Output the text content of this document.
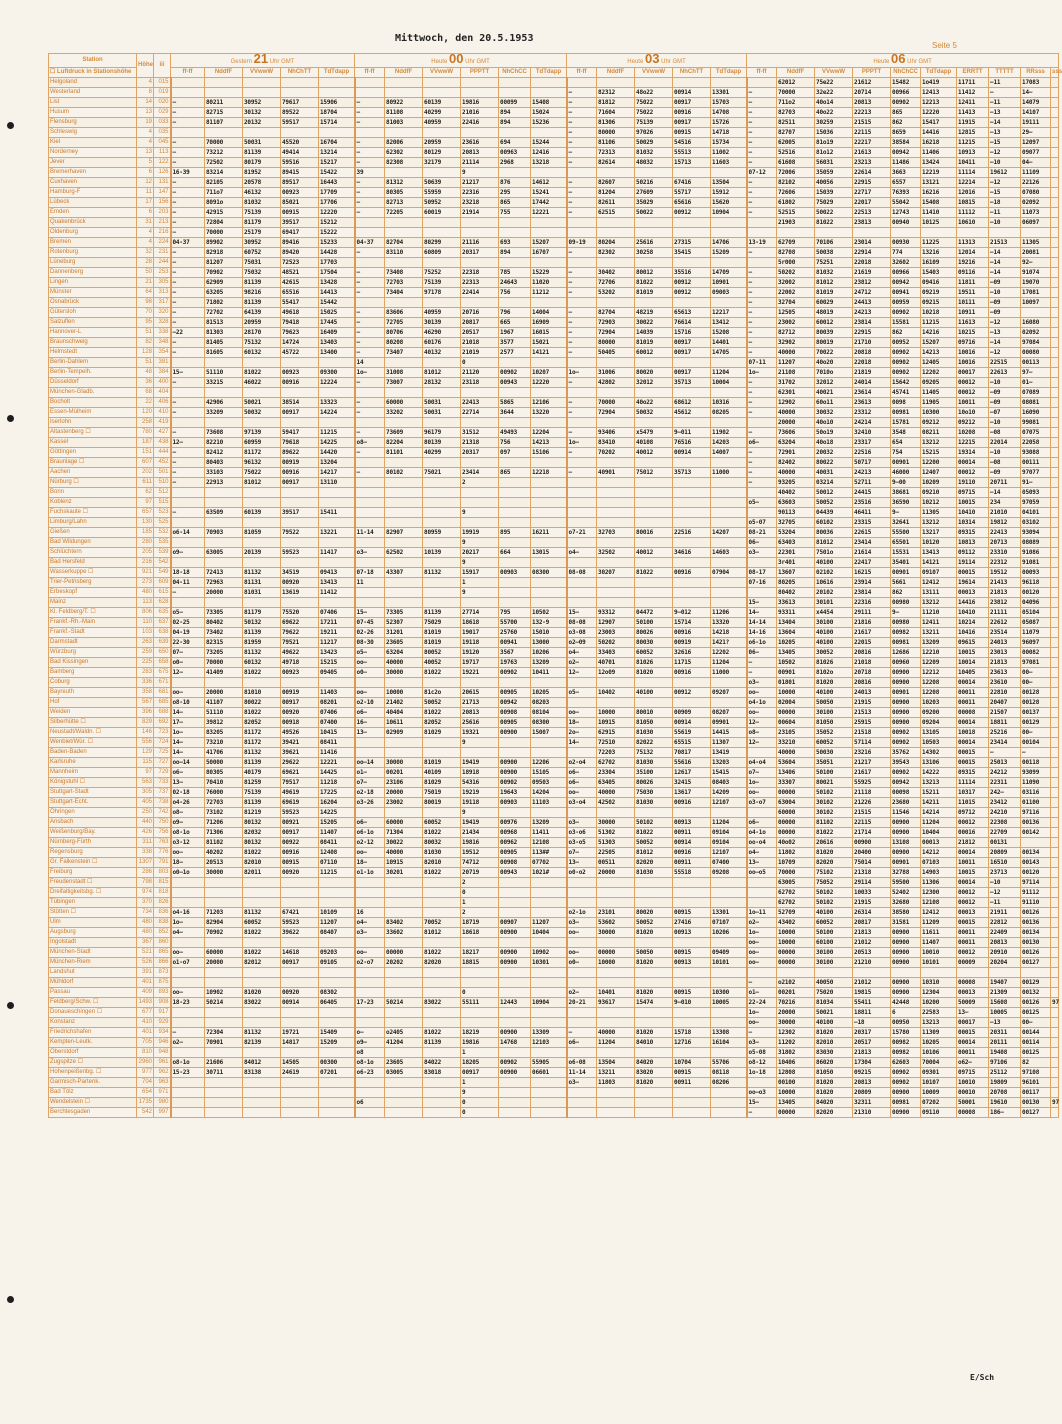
Mittwoch, den 20.5.1953
Seite 5
Station	Höhe	iii	Gestern 21 Uhr GMT					Heute 00 Uhr GMT						Heute 03 Uhr GMT					Heute 06 Uhr GMT									
☐ Luftdruck in Stationshöhe			ff-ff	NddfF	VVwwW	NhChTT	TdTdapp	ff-ff	NddfF	VVwwW	PPPTT	NhChCC	TdTdapp	ff-ff	NddfF	VVwwW	NhChTT	TdTdapp	ff-ff	NddfF	VVwwW	PPPTT	NhChCC	TdTdapp	ERRTT	TTTTT	RRsss	sss

Helgoland	4	015																		62012	75e22	21612	15482	1o419	11711	—11	17083	
Westerland	8	019												—	82312	48o22	00914	13301	—	70000	32e22	20714	00966	12413	11412	—	14—	
List	14	020	—	80211	30952	79617	15906	—	80922	60139	19816	00099	15408	—	81812	75022	00917	15703	—	711o2	40o14	20813	00902	12213	12411	—11	14079	
Husum	13	029	—	82715	30132	89522	18704	—	81108	40299	21016	894	15024	—	71604	75022	00916	14708	—	82703	40o22	22213	865	12220	11413	—13	14107	
Flensburg	19	033	—	81107	20132	59517	15714	—	81003	40959	22416	894	15236	—	81306	75139	00917	15726	—	82511	30259	21515	862	15417	11915	—14	19111	
Schleswig	4	035												—	80000	97026	00915	14718	—	82707	15036	22115	8659	14416	12815	—13	29—	
Kiel	4	045	—	70000	50031	45520	16704	—	82006	20959	23616	694	15244	—	81106	50029	54516	15734	—	62005	81o19	22217	38584	16218	11215	—15	12097	
Norderney	13	113	—	73212	81139	49414	13214	—	62302	80129	20813	00963	12416	—	72313	81032	55513	11002	—	52516	81o12	21613	00942	11406	10913	—12	09077	
Jever	5	122	—	72502	80179	59516	15217	—	82308	32179	21114	2968	13218	—	82614	48032	15713	11603	—	61608	56031	23213	11486	13424	10411	—10	04—	
Bremerhaven	6	126	16-39	83214	81952	89415	15422	39			9								07-12	72006	35059	22614	3663	12219	11114	19612	11109	
Cuxhaven	12	131	—	82105	20578	89517	16443	—	81312	50639	21217	876	14612	—	82607	50216	67416	13504	—	82102	40056	22915	6557	13121	12214	—12	22126	
Hamburg-F	11	147	—	711o7	46132	00923	17709	—	80305	55959	22316	295	15241	—	81204	27609	55717	15912	—	72606	15039	22717	76393	16216	12016	—15	07080	
Lübeck	17	156	—	8091o	81032	85021	17706	—	82713	50952	23218	865	17442	—	82611	35029	65616	15620	—	61802	75029	22017	55042	15408	10815	—18	02092	
Emden	6	203	—	42915	75139	00915	12220	—	72205	60019	21914	755	12221	—	62515	50022	00912	10904	—	52515	50022	22513	12743	11410	11112	—11	11073	
Quakenbrück	31	213	—	72804	81179	39517	15212													21903	81022	23813	00940	10125	10610	—10	06097	
Oldenburg	4	216	—	70000	25179	69417	15222																					
Bremen	4	224	04-37	89902	30952	89416	15233	04-37	82704	80299	21116	693	15207	09-19	80204	25616	27315	14706	13-19	62709	70106	23014	00930	11225	11313	21513	11305	
Rotenburg	32	231	—	82918	60752	89420	14428	—	83110	60809	20317	894	16707	—	82302	30258	35415	15209	—	82708	50038	22914	774	13216	12014	—14	20081	
Lüneburg	28	244	—	81207	75031	72523	17703													5r000	75251	22018	32602	16109	19216	—14	92—	
Dannenberg	50	253	—	70902	75032	48521	17504	—	73408	75252	22318	785	15229	—	30402	80012	35516	14709	—	50202	81032	21619	00966	15403	09116	—14	91074	
Lingen	21	305	—	62909	81139	42615	13428	—	72703	75139	22313	24643	11020	—	72706	81022	00912	10901	—	32002	81012	23812	00942	09416	11811	—09	19070	
Münster	64	313	—	63205	98216	65516	14413	—	73404	97178	22414	756	11212	—	53202	81019	00912	09003	—	22002	81019	24712	00941	09219	19511	—10	17081	
Osnabrück	98	317	—	71802	81139	55417	15442												—	32704	60029	24413	00959	09215	10111	—09	10097	
Gütersloh	70	320	—	72702	64139	49618	15025	—	83606	40959	20716	796	14004	—	82704	48219	65613	12217	—	12505	48019	24213	00902	10218	10911	—09		
Salzuflen	95	328	—	81513	20959	79418	17445	—	72705	30139	20817	665	16909	—	72903	30022	76614	13412	—	23002	60012	23814	15581	11215	11613	—12	16080	
Hannover-L	51	338	—22	81303	28170	79623	16409	—	80706	46290	20517	1967	16015	—	72904	14039	15716	15208	—	82712	80039	22915	862	14216	10215	—13	02092	
Braunschweig	82	348	—	81405	75132	14724	13403	—	80208	60176	21018	3577	15021	—	80000	81019	00917	14401	—	32902	80019	21710	00952	15207	09716	—14	97084	
Helmstedt	128	354	—	81605	60132	45722	13400	—	73407	40132	21019	2577	14121	—	50405	60012	00917	14705	—	40000	70022	20818	00902	14213	10016	—12	00080	
Berlin-Dahlem	51	381						14			0								07-11	11207	40o20	22018	00902	12405	10016	22515	00113	
Berlin-Tempelh.	48	384	15—	51110	81022	00923	09300	1o—	31008	81012	21120	00902	10207	1o—	31006	80020	00917	11204	1o—	21108	7010o	21819	00902	12202	00017	22613	97—	
Düsseldorf	36	400	—	33215	46022	00916	12224	—	73007	28132	23118	00943	12220	—	42802	32012	35713	10004	—	31702	32012	24014	15642	09205	00012	—10	01—	
München-Gladb.	68	404																	—	62301	40021	23614	45741	11405	00012	—09	07089	
Bocholt	22	406	—	42906	50021	38514	13323	—	60000	50031	22413	5865	12106	—	70000	40o22	68612	10316	—	12902	60o11	23613	0098	11905	10011	—09	08081	
Essen-Mülheim	120	410	—	33209	50032	00917	14224	—	33202	50031	22714	3644	13220	—	72904	50032	45612	08205	—	40000	30032	23312	00981	10300	10o10	—07	16090	
Iserlohn	258	419																		20000	40o10	24214	15781	09212	09212	—10	99081	
Altastenberg ☐	780	427	—	73608	97139	59417	11215	—	73609	96179	31512	49493	12204	—	93406	x5479	9—011	11902	—	73606	50o19	32410	3548	08211	10208	—08	07075	
Kassel	187	438	12—	82210	60959	79618	14225	o8—	82204	80139	21318	756	14213	1o—	83410	40108	76516	14203	o6—	63204	40o18	23317	654	13212	12215	22014	22058	
Göttingen	151	444	—	82412	81172	89622	14420	—	81101	40299	20317	097	15106	—	70202	40012	00914	14007	—	72901	20032	22516	754	15215	19314	—10	93088	
Braunlage ☐	607	452	—	80403	96132	00919	13204												—	82402	80022	50717	00901	12200	00014	—08	00111	
Aachen	202	501	—	33103	75022	00916	14217	—	80102	75021	23414	865	12218	—	40901	75012	35713	11000	—	40000	40031	24213	46000	12407	00012	—09	97077	
Nürburg ☐	611	510	—	22913	81012	00917	13110				2								—	93205	03214	52711	9—00	10209	19110	20711	91—	
Bonn	62	512																		40402	50012	24415	38681	09210	09715	—14	05093	
Koblenz	97	515																	o5—	63603	50052	23516	36590	10212	10015	234	97059	
Fuchskaute ☐	657	523	—	63509	60139	39517	15411				9									90113	04439	46411	9—	11305	10410	21010	04101	
Limburg/Lahn	130	525																	o5-07	32705	60102	23315	32641	13212	10314	19812	03102	
Gießen	185	532	o6-14	70903	81059	79522	13221	11-14	82907	80959	19919	895	16211	o7-21	32703	80016	22516	14207	08-21	53204	80036	22615	55500	13217	09315	22413	93094	
Bad Wildungen	280	535									9								06—	63403	81012	23414	65501	10120	10813	20713	08089	
Schlüchtern	205	539	o9—	63005	20139	59523	11417	o3—	62502	10139	20217	664	13015	o4—	32502	40012	34616	14603	o3—	22301	7501o	21614	15531	13413	09112	23310	91086	
Bad Hersfeld	216	542									9									3r401	40100	22417	35401	14121	19114	22312	91081	
Wasserkuppe ☐	921	549	18-18	72413	81132	34519	09413	07-18	43307	81132	15917	00903	08300	08-08	30207	81022	00916	07904	08-17	13607	02102	16215	00901	09107	00015	19512	00093	
Trier-Petrisberg	273	609	04-11	72963	81131	00920	13413	11			1								07-16	80205	10616	23914	5661	12412	19614	21413	96118	
Erbeskopf	480	615	—	20000	81031	13619	11412				9									80402	20102	23814	862	13111	00013	21813	00120	
Mainz	113	628																	15—	33613	30101	22316	00980	13212	14416	23812	04096	
Kl. Feldberg/T. ☐	806	635	o5—	73305	81179	75520	07406	15—	73305	81139	27714	795	10502	15—	93312	04472	9—012	11206	14—	93311	x4454	29111	9—	11210	10410	21111	05104	
Frankf.-Rh.-Main	110	637	02-25	80402	50132	69622	17211	07-45	52307	75029	18618	55700	132-9	08-08	12907	50100	15714	13320	14-14	13404	30100	21816	00980	12411	10214	22612	05087	
Frankf.-Stadt	103	638	04-19	73402	81139	79622	19211	02-26	31201	81019	19017	25760	15010	o3-08	23003	80026	00916	14218	14-16	13604	40100	21617	00982	13211	10416	23514	11079	
Darmstadt	263	639	22-30	82315	81959	79521	11217	08-30	23605	81019	19118	00941	13000	o2—09	50202	80030	00919	1421?	o6-1o	10205	40100	22015	00981	13209	09615	24013	96097	
Würzburg	259	650	07—	73205	81132	49622	13423	o5—	63204	80052	19120	3567	10206	o4—	33403	60052	32616	12202	06—	13405	30052	20816	12686	12210	10015	23013	00082	
Bad Kissingen	225	658	o0—	70000	60132	49718	15215	oo—	40000	40052	19717	19763	13209	o2—	40701	81026	11715	11204	—	10502	81026	21018	00960	12209	10014	21813	97081	
Bamberg	283	675	12—	41409	81022	00923	09405	o0—	30000	81022	19221	00902	10411	12—	12o09	81020	00916	11000	—	00901	8102o	20718	00900	12212	10405	23613	00—	
Coburg	336	671																	o3—	01801	81020	20816	00900	12208	00014	23610	00—	
Bayreuth	358	681	oo—	20000	81010	00919	11403	oo—	10000	81c2o	20615	00905	10205	o5—	10402	40100	00912	09207	oo—	10000	40100	24013	00901	12208	00011	22810	00128	
Hof	567	685	o8-10	41107	80022	00917	08201	o2-10	21402	50052	21713	00942	08203						o4-1o	02004	50050	21915	00900	10203	00011	20407	00128	
Weiden	396	688	14—	51110	81022	00920	07406	o6—	40404	81022	20813	00908	08104	oo—	10000	80010	00909	08207	oo—	00000	30100	21513	00900	09200	00008	21507	00137	
Silberhütte ☐	829	692	17—	39812	82052	00918	07400	16—	10611	82052	25616	00905	08300	18—	10915	81050	00914	09901	12—	00604	81050	25915	00900	09204	00014	18811	00129	
Neustadt/Waldn. ☐	146	723	1o—	83205	81172	49526	10415	13—	02909	81029	19321	00900	15007	2o—	62915	81030	55619	14415	o8—	23105	35052	21518	00902	13105	10018	25216	00—	
Wenbiet/Wür. ☐	556	724	14—	73210	81172	39421	08411				9			14—	72510	82022	65515	11307	12—	33210	60052	57114	00902	10503	00014	23414	00104	
Baden-Baden	129	725	14—	41706	81132	39621	11416								72203	75132	70817	13419		40000	50030	23216	35762	14302	00015	—	—	
Karlsruhe	115	727	oo—14	50000	81139	29622	12221	oo—14	30000	81019	19419	00900	12206	o2-o4	62702	81030	55616	13203	o4-o4	53604	35051	21217	39543	13106	00015	25013	00118	
Mannheim	97	729	o6—	80305	40179	69621	14425	o1—	00201	40109	18918	00900	15105	o6—	23304	35100	12617	15415	o7—	13406	50100	21617	00902	14222	09315	24212	93099	
Königstuhl ☐	563	733	13—	70410	81259	79517	11218	o7—	23106	81029	54316	00902	09503	o6—	63405	80026	32415	08403	1o—	33307	80021	55925	00942	13213	11114	22311	11090	
Stuttgart-Stadt	305	737	02-18	76000	75139	49619	17225	o2-18	20000	75019	19219	19643	14204	oo—	40000	75030	13617	14209	oo—	00000	50102	21118	00098	15211	10317	242—	03116	
Stuttgart-Echt.	405	738	o4-26	72703	81139	69619	16204	o3-26	23002	80019	19118	00903	11103	o3-o4	42502	81030	00916	12107	o3-o7	63004	30102	21226	23680	14211	11015	23412	01100	
Öhringen	250	742	o8—	73102	81219	59523	14225				9									60000	30102	21515	11546	14214	09712	24210	97116	
Ansbach	440	750	o9—	71206	80132	00921	15205	o6—	60000	60052	19419	00976	13209	o3—	30000	50102	00913	11204	o6—	00000	81102	22115	00900	11204	00012	22308	00136	
Weißenburg/Bay.	426	756	o8-1o	71306	82032	00917	11407	o6-1o	71304	81022	21434	00968	11411	o3-o6	51302	81022	00911	09104	o4-1o	00000	81022	21714	00900	10404	00016	22709	00142	
Nürnberg-Fürth	311	763	o3-12	81102	80132	00922	08411	o2-12	30022	80032	19816	00962	12108	o3-o5	51303	50052	00914	09104	oo-o4	40o02	20616	00900	13108	00013	21812	00131		
Regensburg	338	776	oo—	40202	81022	00916	12408	oo—	40000	81030	19512	00905	113##	o7—	22505	81012	00916	12107	o4—	11802	81020	20400	00900	14212	00014	20809	00134	
Gr. Falkenstein ☐	1307	791	18—	20513	82010	00915	07110	18—	10915	82010	74712	00908	07702	13—	00511	82020	00911	07400	13—	10709	82020	75014	00901	07103	10011	16510	00143	
Freiburg	286	803	o0—1o	30000	82011	00920	11215	o1-1o	30201	81022	20719	00943	1021#	o0-o2	20000	81030	55518	09208	oo—o5	70000	75102	21318	32788	14903	10015	23713	00120	
Freudenstadt ☐	798	815									2									63005	75052	29114	59500	11306	00014	—10	97114	
Dreifaltigkeitsbg. ☐	974	818									0									62702	50102	10033	52402	12300	00012	—12	91112	
Tübingen	370	826									1									62702	50102	21915	32680	12108	00012	—11	91110	
Stötten ☐	734	836	o4-16	71203	81132	67421	10109	16			2			o2-1o	23101	80020	00915	13301	1o—11	52709	40100	26314	38580	12412	00013	21911	00126	
Ulm	480	838	1o—	82904	60052	59523	11207	o4—	83402	70052	18719	00907	11207	o3—	53602	50052	27416	07107	o2—	43402	60052	20817	31581	11209	00015	22812	00136	
Augsburg	480	852	o4—	70902	81022	39622	08407	o3—	33602	81012	18618	00900	10404	oo—	30000	81020	00913	10206	1o—	10000	50100	21813	00900	11611	00011	22409	00134	
Ingolstadt	367	860																	oo—	10000	60100	21012	00900	11407	00011	20813	00130	
München-Stadt	521	865	oo—	60000	81022	14618	09203	oo—	00000	81022	18217	00900	10902	oo—	00000	50050	00915	09409	oo—	00000	30100	20513	00900	10010	00012	20910	00126	
München-Riem	526	866	o1-o7	20000	82012	00917	09105	o2-o7	20202	82020	18815	00900	10301	o0—	10000	81020	00913	10101	oo—	00000	30100	21210	00900	10101	00009	20204	00127	
Landshut	391	873																										
Mühldorf	401	875																	—	o2102	40050	21012	00900	10310	00008	19407	00129	
Passau	409	893	oo—	10902	81020	00920	08302				0			o2—	10401	81020	00915	10300	o1—	00201	75020	19815	00900	12304	00013	21309	00132	
Feldberg/Schw. ☐	1493	908	18-23	50214	83022	00914	06405	17-23	50214	83022	55111	12443	10904	20-21	93617	15474	9—010	10005	22-24	70216	81034	55411	42448	10200	50009	15608	00126	97
Donaueschingen ☐	677	917																	1o—	20000	50021	18811	6	22583	13—	10005	00125	
Konstanz	410	929																	oo—	30000	40100	—18	00950	13213	00017	—13	00—	
Friedrichshafen	401	934	—	72304	81132	19721	15409	o—	o2405	81022	18219	00900	13309	—	40000	81020	15718	13308	—	12302	81020	20317	15780	11309	00015	20311	00144	
Kempten-Leutk.	705	946	o2—	70901	82139	14817	15209	o9—	41204	81139	19816	14768	12103	o6—	11204	84010	12716	16104	o3—	11202	82010	20517	00982	10205	00014	20111	00114	
Oberstdorf	810	948						o8			1								o5-08	31802	83030	21813	00982	10106	00011	19408	00125	
Zugspitze ☐	2960	961	o8-1o	21606	84012	14505	00300	o8-1o	23605	84022	18205	00902	55905	o6-08	13504	84020	10704	55706	o8-12	10406	86020	17304	62603	70004	o62—	97106	82	
Hohenpeißenbg. ☐	977	962	15-23	30711	83138	24619	07201	o6-23	03005	83018	00917	00900	06601	11-14	13211	83020	00915	08118	1o-18	12808	81050	09215	00902	09301	09715	25112	97108	
Garmisch-Partenk.	704	963									1			o3—	11803	81020	00911	08206		00100	81020	20813	00902	10107	10010	19809	96101	
Bad Tölz	654	971									9								oo—o3	10000	81020	20809	00900	10009	00010	20708	00117	
Wendelstein ☐	1735	980						o6			0								15—	13405	84020	32311	00981	07202	50001	19610	00130	97
Berchtesgaden	542	997									0								—	00000	82020	21310	00900	09110	00008	186—	00127	
E/Sch
